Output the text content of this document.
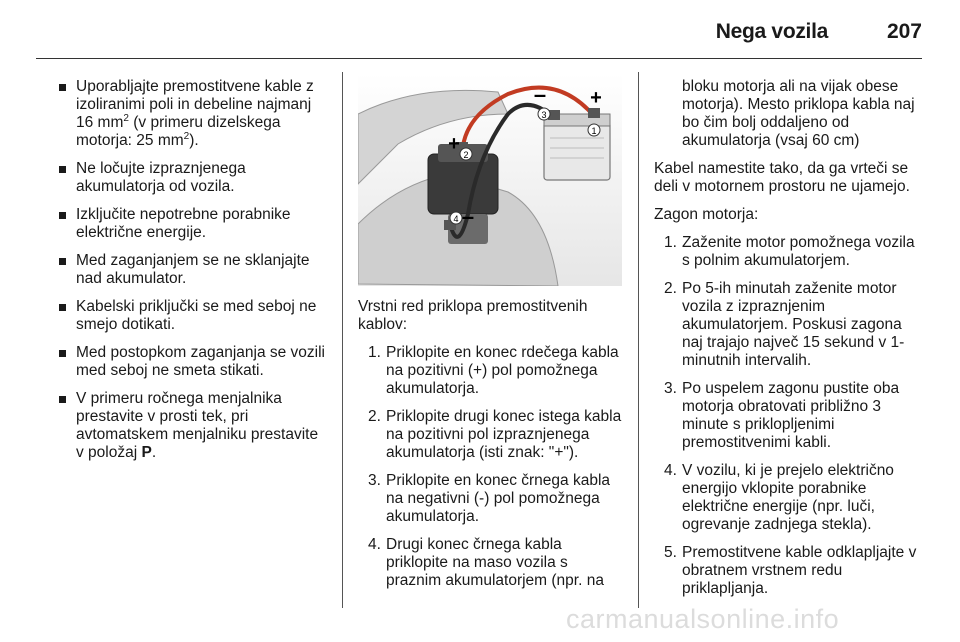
Nega vozila	207
Uporabljajte premostitvene kable z izoliranimi poli in debeline najmanj 16 $mm^2$ (v primeru dizelskega motorja: 25 $mm^2$).
Ne ločujte izpraznjenega akumulatorja od vozila.
Izključite nepotrebne porabnike električne energije.
Med zaganjanjem se ne sklanjajte nad akumulator.
Kabelski priključki se med seboj ne smejo dotikati.
Med postopkom zaganjanja se vozili med seboj ne smeta stikati.
V primeru ročnega menjalnika prestavite v prosti tek, pri avtomatskem menjalniku prestavite v položaj P.
1
2
3
4
+
+
–
–

Vrstni red priklopa premostitvenih kablov:

1. Priklopite en konec rdečega kabla na pozitivni (+) pol pomožnega akumulatorja.
2. Priklopite drugi konec istega kabla na pozitivni pol izpraznjenega akumulatorja (isti znak: "+").
3. Priklopite en konec črnega kabla na negativni (-) pol pomožnega akumulatorja.
4. Drugi konec črnega kabla priklopite na maso vozila s praznim akumulatorjem (npr. na

bloku motorja ali na vijak obese motorja). Mesto priklopa kabla naj bo čim bolj oddaljeno od akumulatorja (vsaj 60 cm)

Kabel namestite tako, da ga vrteči se deli v motornem prostoru ne ujamejo.

Zagon motorja:

1. Zaženite motor pomožnega vozila s polnim akumulatorjem.
2. Po 5-ih minutah zaženite motor vozila z izpraznjenim akumulatorjem. Poskusi zagona naj trajajo največ 15 sekund v 1-minutnih intervalih.
3. Po uspelem zagonu pustite oba motorja obratovati približno 3 minute s priklopljenimi premostitvenimi kabli.
4. V vozilu, ki je prejelo električno energijo vklopite porabnike električne energije (npr. luči, ogrevanje zadnjega stekla).
5. Premostitvene kable odklapljajte v obratnem vrstnem redu priklapljanja.
carmanualsonline.info
